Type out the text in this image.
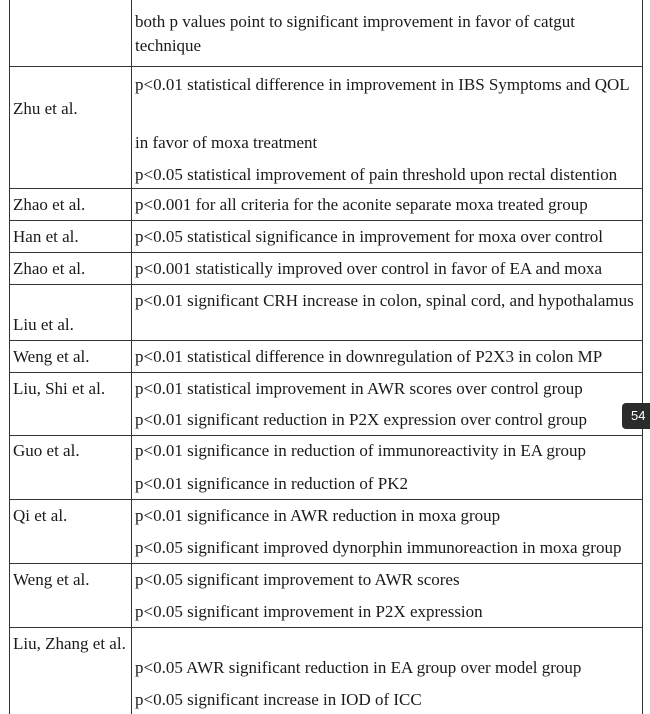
	both p values point to significant improvement in favor of catgut technique
Zhu et al.	p<0.01 statistical difference in improvement in IBS Symptoms and QOL
	in favor of moxa treatment
	p<0.05 statistical improvement of pain threshold upon rectal distention
Zhao et al.	p<0.001 for all criteria for the aconite separate moxa treated group
Han et al.	p<0.05 statistical significance in improvement for moxa over control
Zhao et al.	p<0.001 statistically improved over control in favor of EA and moxa
Liu et al.	p<0.01 significant CRH increase in colon, spinal cord, and hypothalamus
Weng et al.	p<0.01 statistical difference in downregulation of P2X3 in colon MP
Liu, Shi et al.	p<0.01 statistical improvement in AWR scores over control group
	p<0.01 significant reduction in P2X expression over control group
Guo et al.	p<0.01 significance in reduction of immunoreactivity in EA group
	p<0.01 significance in reduction of PK2
Qi et al.	p<0.01 significance in AWR reduction in moxa group
	p<0.05 significant improved dynorphin immunoreaction in moxa group
Weng et al.	p<0.05 significant improvement to AWR scores
	p<0.05 significant improvement in P2X expression
Liu, Zhang et al.	p<0.05 AWR significant reduction in EA group over model group
	p<0.05 significant increase in IOD of ICC
54
